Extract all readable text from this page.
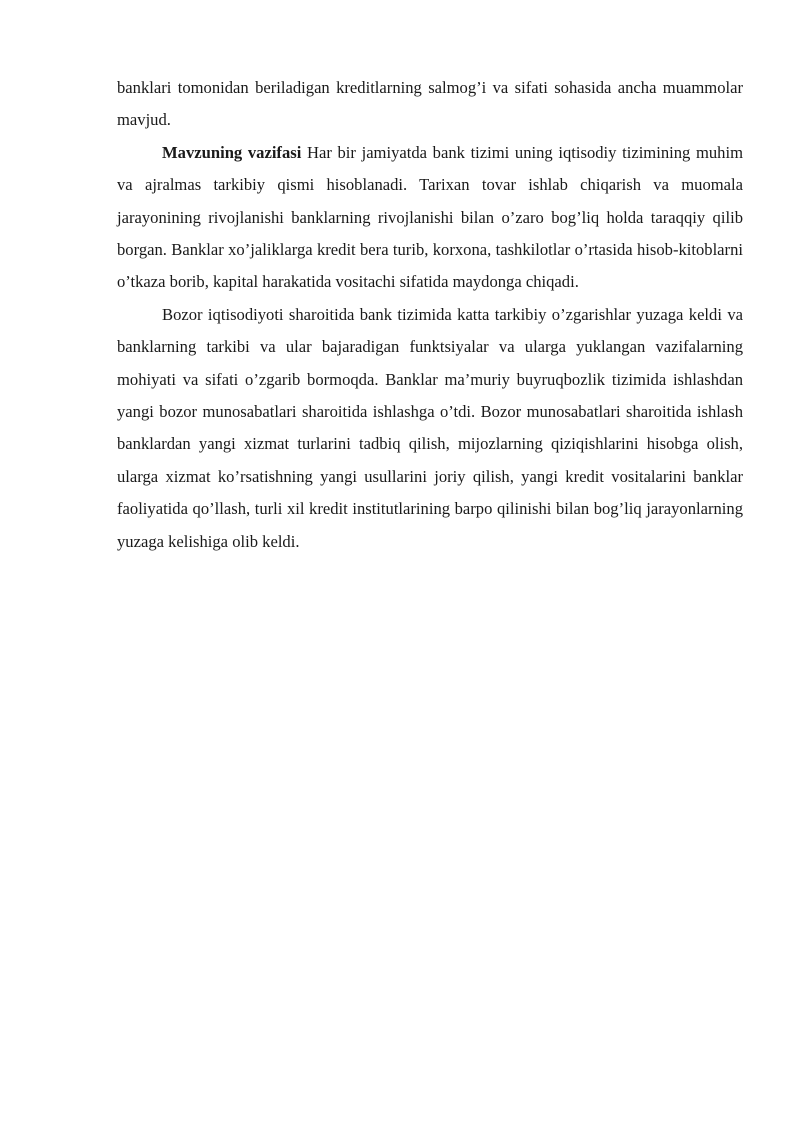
banklari tomonidan beriladigan kreditlarning salmog’i va sifati sohasida ancha muammolar mavjud.

Mavzuning vazifasi Har bir jamiyatda bank tizimi uning iqtisodiy tizimining muhim va ajralmas tarkibiy qismi hisoblanadi. Tarixan tovar ishlab chiqarish va muomala jarayonining rivojlanishi banklarning rivojlanishi bilan o’zaro bog’liq holda taraqqiy qilib borgan. Banklar xo’jaliklarga kredit bera turib, korxona, tashkilotlar o’rtasida hisob-kitoblarni o’tkaza borib, kapital harakatida vositachi sifatida maydonga chiqadi.

Bozor iqtisodiyoti sharoitida bank tizimida katta tarkibiy o’zgarishlar yuzaga keldi va banklarning tarkibi va ular bajaradigan funktsiyalar va ularga yuklangan vazifalarning mohiyati va sifati o’zgarib bormoqda. Banklar ma’muriy buyruqbozlik tizimida ishlashdan yangi bozor munosabatlari sharoitida ishlashga o’tdi. Bozor munosabatlari sharoitida ishlash banklardan yangi xizmat turlarini tadbiq qilish, mijozlarning qiziqishlarini hisobga olish, ularga xizmat ko’rsatishning yangi usullarini joriy qilish, yangi kredit vositalarini banklar faoliyatida qo’llash, turli xil kredit institutlarining barpo qilinishi bilan bog’liq jarayonlarning yuzaga kelishiga olib keldi.
